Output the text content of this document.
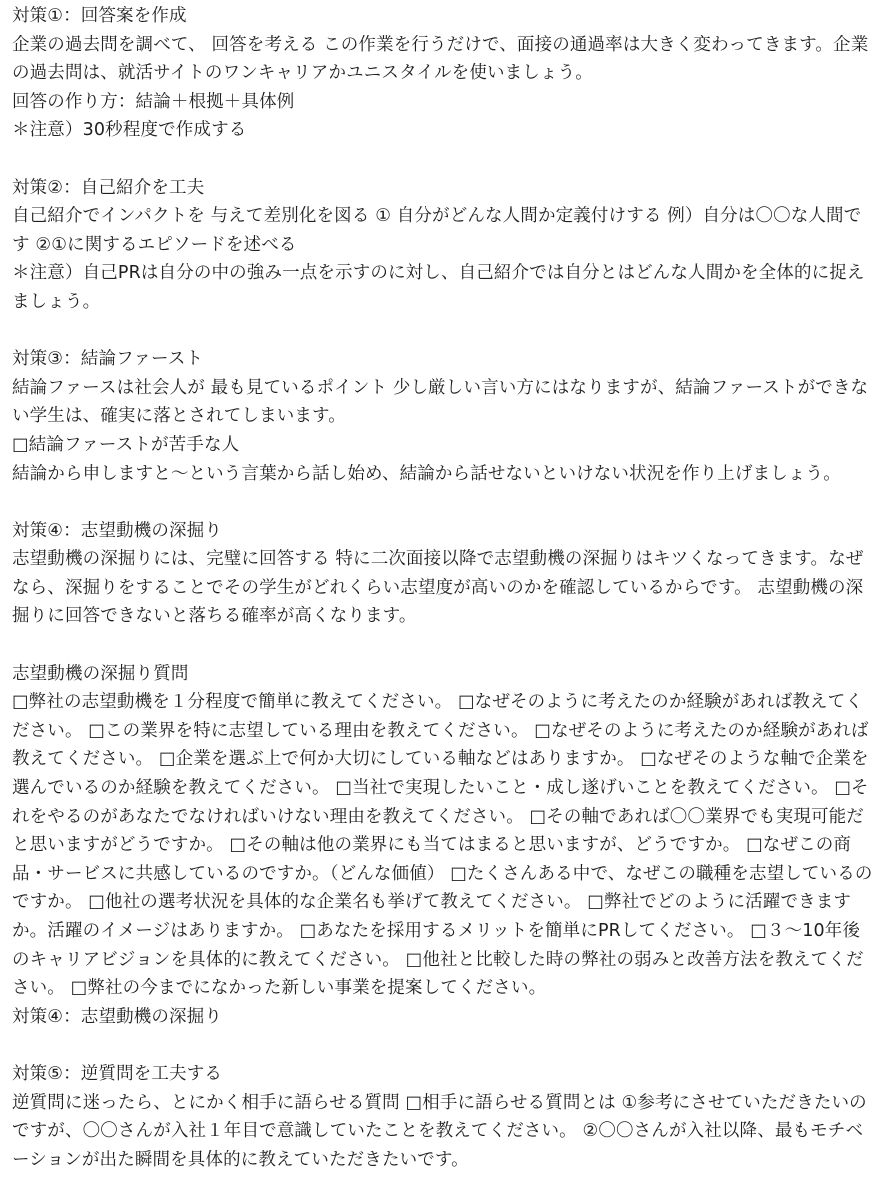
対策①：回答案を作成

企業の過去問を調べて、 回答を考える この作業を行うだけで、面接の通過率は大きく変わってきます。企業の過去問は、就活サイトのワンキャリアかユニスタイルを使いましょう。

回答の作り方：結論＋根拠＋具体例

＊注意）30秒程度で作成する

対策②：自己紹介を工夫

自己紹介でインパクトを 与えて差別化を図る ① 自分がどんな人間か定義付けする 例）自分は〇〇な人間です ②①に関するエピソードを述べる

＊注意）自己PRは自分の中の強み一点を示すのに対し、自己紹介では自分とはどんな人間かを全体的に捉えましょう。

対策③：結論ファースト

結論ファースは社会人が 最も見ているポイント 少し厳しい言い方にはなりますが、結論ファーストができない学生は、確実に落とされてしまいます。

□結論ファーストが苦手な人

結論から申しますと〜という言葉から話し始め、結論から話せないといけない状況を作り上げましょう。

対策④：志望動機の深掘り

志望動機の深掘りには、完璧に回答する 特に二次面接以降で志望動機の深掘りはキツくなってきます。なぜなら、深掘りをすることでその学生がどれくらい志望度が高いのかを確認しているからです。 志望動機の深掘りに回答できないと落ちる確率が高くなります。

志望動機の深掘り質問

□弊社の志望動機を１分程度で簡単に教えてください。 □なぜそのように考えたのか経験があれば教えてください。 □この業界を特に志望している理由を教えてください。 □なぜそのように考えたのか経験があれば教えてください。 □企業を選ぶ上で何か大切にしている軸などはありますか。 □なぜそのような軸で企業を選んでいるのか経験を教えてください。 □当社で実現したいこと・成し遂げいことを教えてください。 □それをやるのがあなたでなければいけない理由を教えてください。 □その軸であれば〇〇業界でも実現可能だと思いますがどうですか。 □その軸は他の業界にも当てはまると思いますが、どうですか。 □なぜこの商品・サービスに共感しているのですか。（どんな価値） □たくさんある中で、なぜこの職種を志望しているのですか。 □他社の選考状況を具体的な企業名も挙げて教えてください。 □弊社でどのように活躍できますか。活躍のイメージはありますか。 □あなたを採用するメリットを簡単にPRしてください。 □３〜10年後のキャリアビジョンを具体的に教えてください。 □他社と比較した時の弊社の弱みと改善方法を教えてください。 □弊社の今までになかった新しい事業を提案してください。

対策④：志望動機の深掘り

対策⑤：逆質問を工夫する

逆質問に迷ったら、とにかく相手に語らせる質問 □相手に語らせる質問とは ①参考にさせていただきたいのですが、〇〇さんが入社１年目で意識していたことを教えてください。 ②〇〇さんが入社以降、最もモチベーションが出た瞬間を具体的に教えていただきたいです。
